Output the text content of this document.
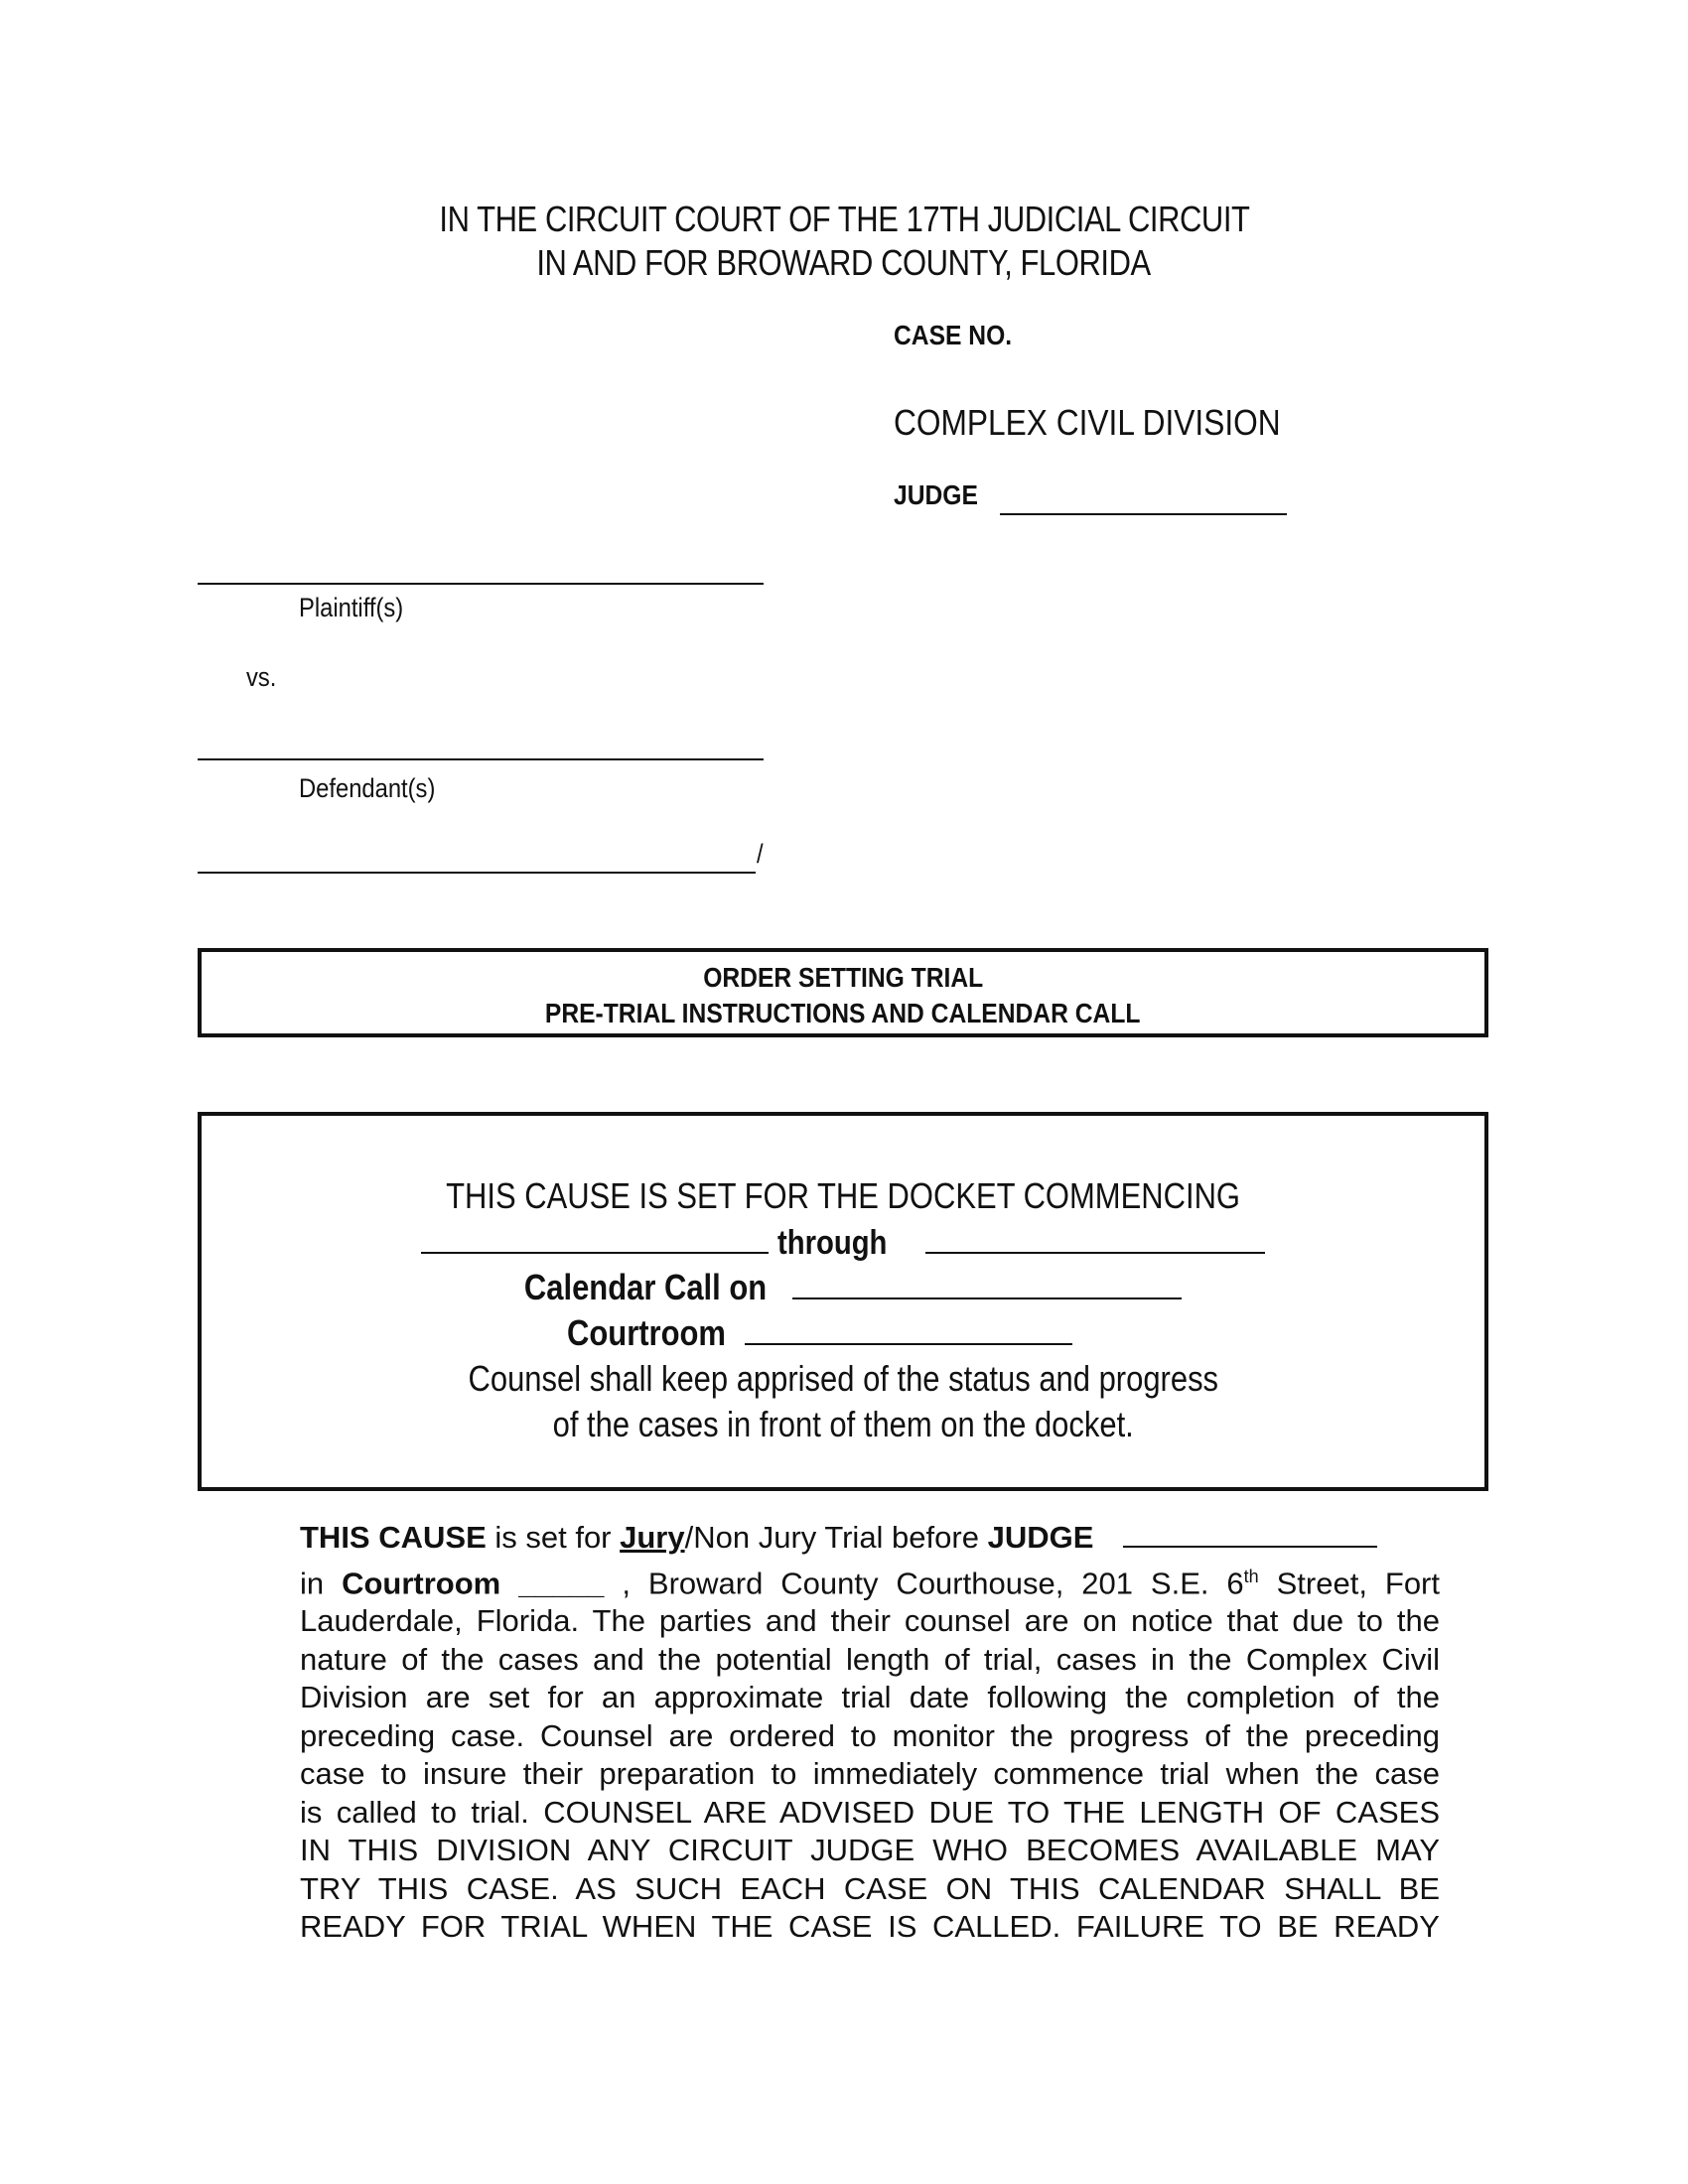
IN THE CIRCUIT COURT OF THE 17TH JUDICIAL CIRCUIT
IN AND FOR BROWARD COUNTY, FLORIDA
CASE NO.
COMPLEX CIVIL DIVISION
JUDGE
Plaintiff(s)
vs.
Defendant(s)
/
ORDER SETTING TRIAL
PRE-TRIAL INSTRUCTIONS AND CALENDAR CALL
THIS CAUSE IS SET FOR THE DOCKET COMMENCING
through
Calendar Call on
Courtroom
Counsel shall keep apprised of the status and progress
of the cases in front of them on the docket.
THIS CAUSE is set for Jury/Non Jury Trial before JUDGE
in Courtroom _____ , Broward County Courthouse, 201 S.E. 6th Street, Fort
Lauderdale, Florida. The parties and their counsel are on notice that due to the
nature of the cases and the potential length of trial, cases in the Complex Civil
Division are set for an approximate trial date following the completion of the
preceding case. Counsel are ordered to monitor the progress of the preceding
case to insure their preparation to immediately commence trial when the case
is called to trial. COUNSEL ARE ADVISED DUE TO THE LENGTH OF CASES
IN THIS DIVISION ANY CIRCUIT JUDGE WHO BECOMES AVAILABLE MAY
TRY THIS CASE. AS SUCH EACH CASE ON THIS CALENDAR SHALL BE
READY FOR TRIAL WHEN THE CASE IS CALLED. FAILURE TO BE READY
